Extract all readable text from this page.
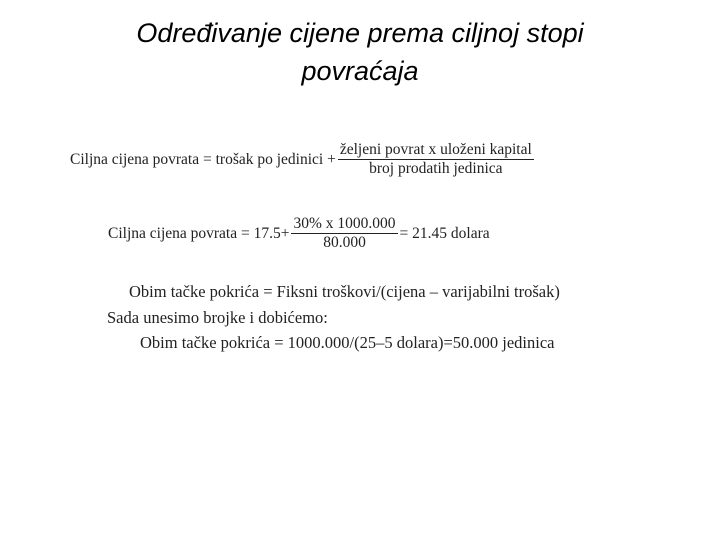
Određivanje cijene prema ciljnoj stopi
povraćaja
Ciljna cijena povrata = trošak po jedinici + $\frac{\text{željeni povrat x uloženi kapital}}{\text{broj prodatih jedinica}}$
Ciljna cijena povrata = $17.5+ \frac{30\% x 1000.000}{80.000} = 21.45$ dolara
Obim tačke pokrića = Fiksni troškovi/(cijena – varijabilni trošak)
Sada unesimo brojke i dobićemo:
Obim tačke pokrića = 1000.000/(25–5 dolara)=50.000 jedinica
